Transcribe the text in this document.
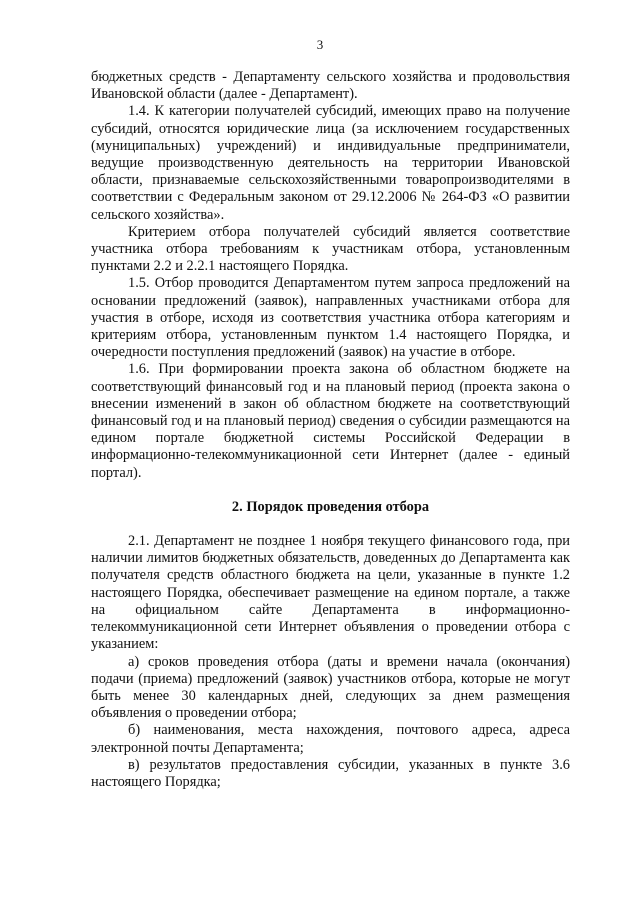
3

бюджетных средств - Департаменту сельского хозяйства и продовольствия Ивановской области (далее - Департамент).

1.4. К категории получателей субсидий, имеющих право на получение субсидий, относятся юридические лица (за исключением государственных (муниципальных) учреждений) и индивидуальные предприниматели, ведущие производственную деятельность на территории Ивановской области, признаваемые сельскохозяйственными товаропроизводителями в соответствии с Федеральным законом от 29.12.2006 № 264-ФЗ «О развитии сельского хозяйства».

Критерием отбора получателей субсидий является соответствие участника отбора требованиям к участникам отбора, установленным пунктами 2.2 и 2.2.1 настоящего Порядка.

1.5. Отбор проводится Департаментом путем запроса предложений на основании предложений (заявок), направленных участниками отбора для участия в отборе, исходя из соответствия участника отбора категориям и критериям отбора, установленным пунктом 1.4 настоящего Порядка, и очередности поступления предложений (заявок) на участие в отборе.

1.6. При формировании проекта закона об областном бюджете на соответствующий финансовый год и на плановый период (проекта закона о внесении изменений в закон об областном бюджете на соответствующий финансовый год и на плановый период) сведения о субсидии размещаются на едином портале бюджетной системы Российской Федерации в информационно-телекоммуникационной сети Интернет (далее - единый портал).

2. Порядок проведения отбора

2.1. Департамент не позднее 1 ноября текущего финансового года, при наличии лимитов бюджетных обязательств, доведенных до Департамента как получателя средств областного бюджета на цели, указанные в пункте 1.2 настоящего Порядка, обеспечивает размещение на едином портале, а также на официальном сайте Департамента в информационно-телекоммуникационной сети Интернет объявления о проведении отбора с указанием:

а) сроков проведения отбора (даты и времени начала (окончания) подачи (приема) предложений (заявок) участников отбора, которые не могут быть менее 30 календарных дней, следующих за днем размещения объявления о проведении отбора;

б) наименования, места нахождения, почтового адреса, адреса электронной почты Департамента;

в) результатов предоставления субсидии, указанных в пункте 3.6 настоящего Порядка;
